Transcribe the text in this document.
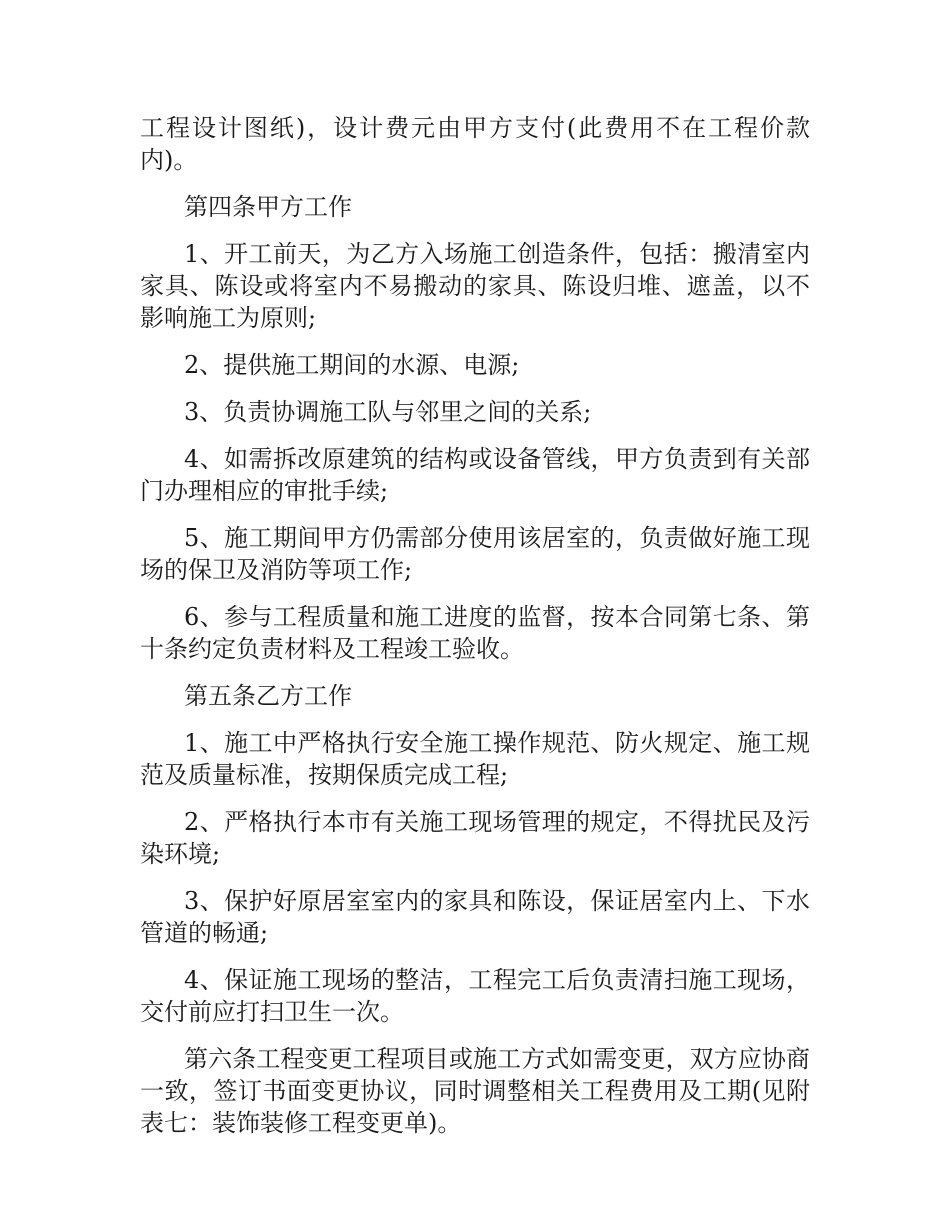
工程设计图纸)，设计费元由甲方支付(此费用不在工程价款内)。

第四条甲方工作

1、开工前天，为乙方入场施工创造条件，包括：搬清室内家具、陈设或将室内不易搬动的家具、陈设归堆、遮盖，以不影响施工为原则;

2、提供施工期间的水源、电源;

3、负责协调施工队与邻里之间的关系;

4、如需拆改原建筑的结构或设备管线，甲方负责到有关部门办理相应的审批手续;

5、施工期间甲方仍需部分使用该居室的，负责做好施工现场的保卫及消防等项工作;

6、参与工程质量和施工进度的监督，按本合同第七条、第十条约定负责材料及工程竣工验收。

第五条乙方工作

1、施工中严格执行安全施工操作规范、防火规定、施工规范及质量标准，按期保质完成工程;

2、严格执行本市有关施工现场管理的规定，不得扰民及污染环境;

3、保护好原居室室内的家具和陈设，保证居室内上、下水管道的畅通;

4、保证施工现场的整洁，工程完工后负责清扫施工现场，交付前应打扫卫生一次。

第六条工程变更工程项目或施工方式如需变更，双方应协商一致，签订书面变更协议，同时调整相关工程费用及工期(见附表七：装饰装修工程变更单)。
